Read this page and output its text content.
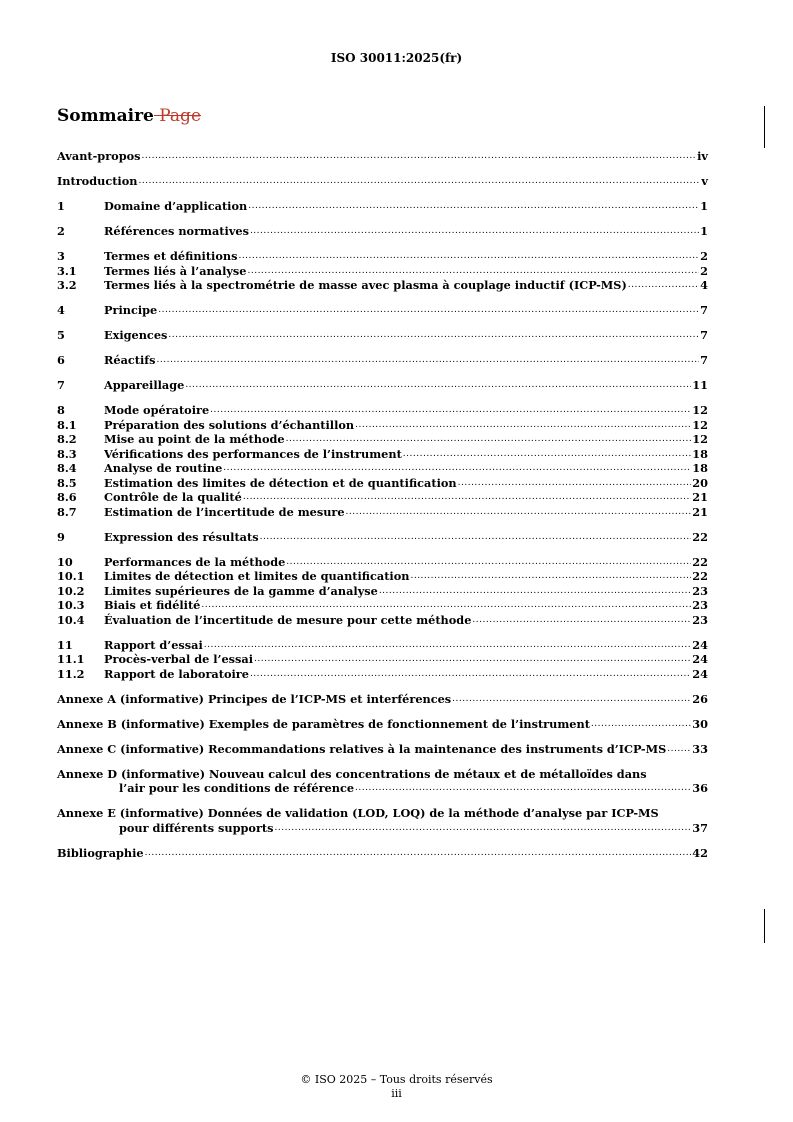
ISO 30011:2025(fr)
Sommaire Page
Avant-propos .....	iv
Introduction .....	v
1	Domaine d’application .....	1
2	Références normatives .....	1
3	Termes et définitions .....	2
3.1	Termes liés à l’analyse .....	2
3.2	Termes liés à la spectrométrie de masse avec plasma à couplage inductif (ICP-MS) .....	4
4	Principe .....	7
5	Exigences .....	7
6	Réactifs .....	7
7	Appareillage .....	11
8	Mode opératoire .....	12
8.1	Préparation des solutions d’échantillon .....	12
8.2	Mise au point de la méthode .....	12
8.3	Vérifications des performances de l’instrument .....	18
8.4	Analyse de routine .....	18
8.5	Estimation des limites de détection et de quantification .....	20
8.6	Contrôle de la qualité .....	21
8.7	Estimation de l’incertitude de mesure .....	21
9	Expression des résultats .....	22
10	Performances de la méthode .....	22
10.1	Limites de détection et limites de quantification .....	22
10.2	Limites supérieures de la gamme d’analyse .....	23
10.3	Biais et fidélité .....	23
10.4	Évaluation de l’incertitude de mesure pour cette méthode .....	23
11	Rapport d’essai .....	24
11.1	Procès-verbal de l’essai .....	24
11.2	Rapport de laboratoire .....	24
Annexe A (informative) Principes de l’ICP-MS et interférences .....	26
Annexe B (informative) Exemples de paramètres de fonctionnement de l’instrument .....	30
Annexe C (informative) Recommandations relatives à la maintenance des instruments d’ICP-MS ..... 33
Annexe D (informative) Nouveau calcul des concentrations de métaux et de métalloïdes dans
l’air pour les conditions de référence .....	36
Annexe E (informative) Données de validation (LOD, LOQ) de la méthode d’analyse par ICP-MS
pour différents supports .....	37
Bibliographie .....	42
© ISO 2025 – Tous droits réservés
iii
